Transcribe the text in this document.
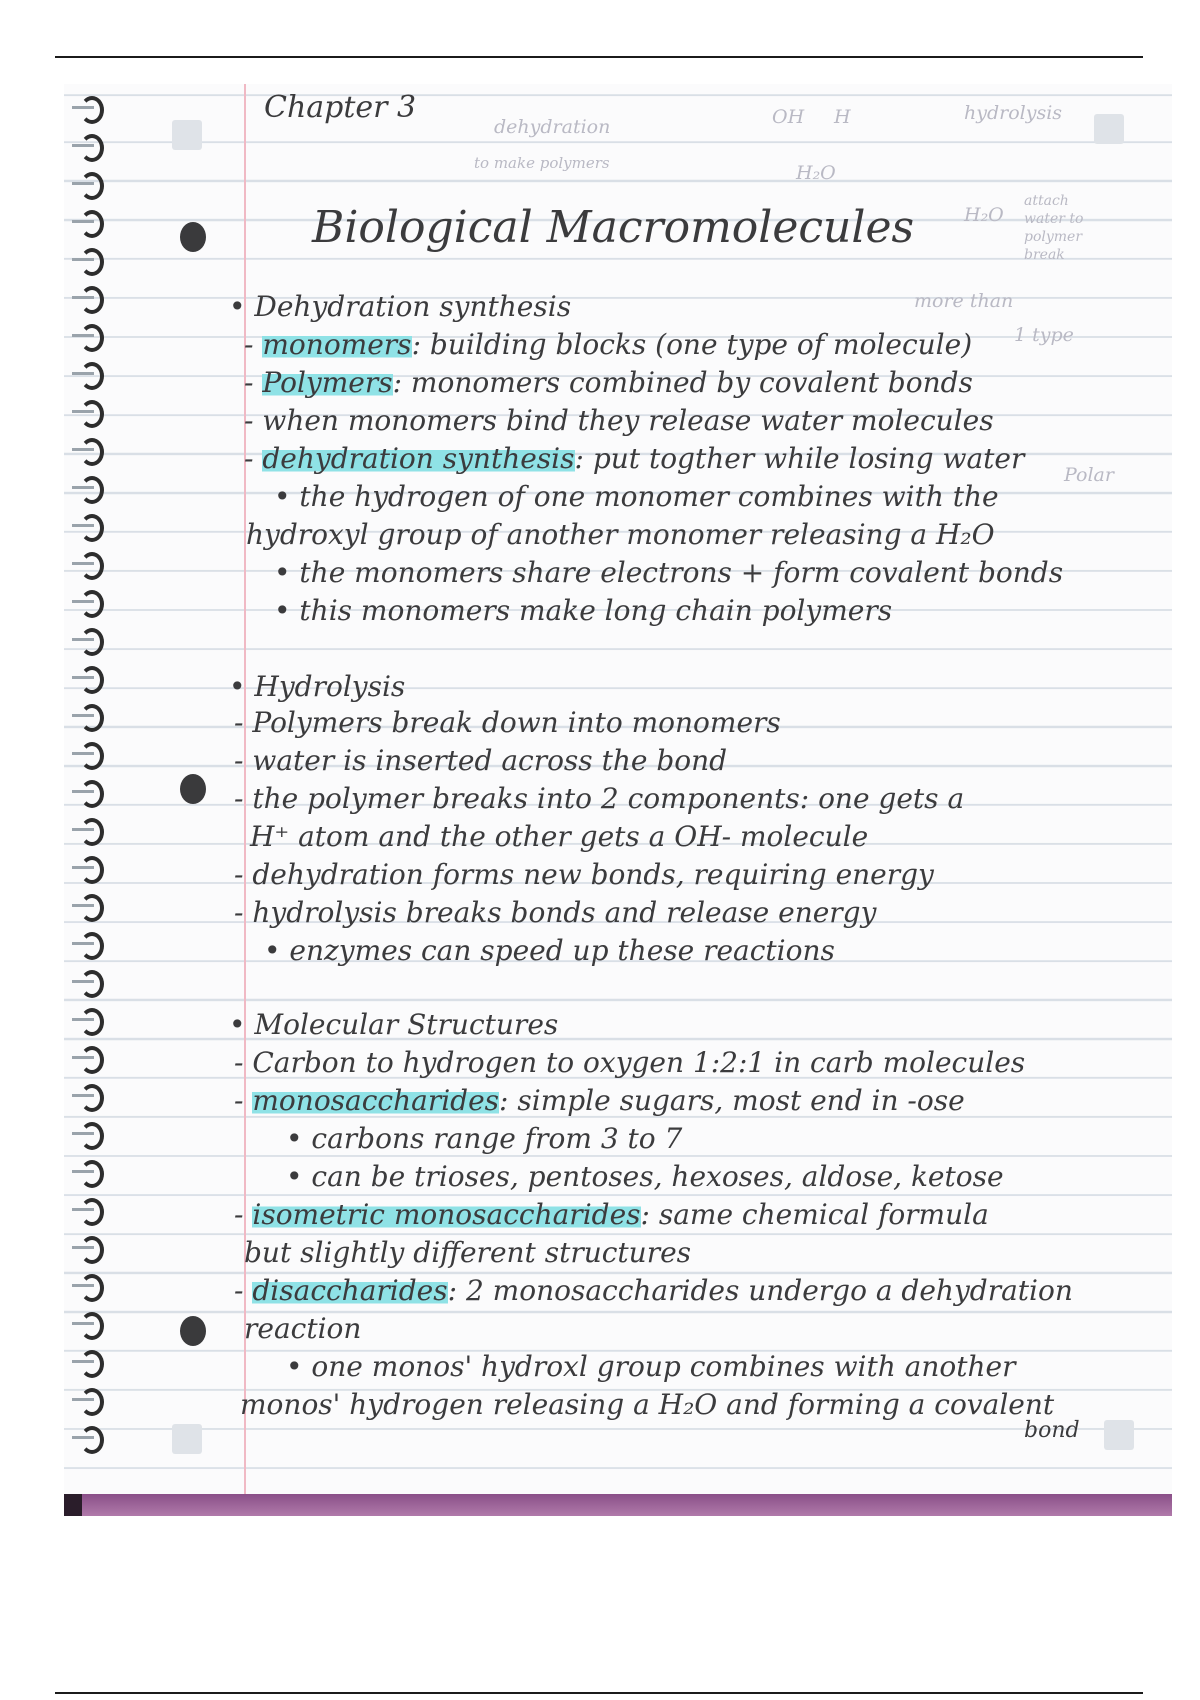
Chapter 3
dehydration
to make polymers
OH H
H₂O
hydrolysis
H₂O
attach water to polymer break
Biological Macromolecules
• Dehydration synthesis	more than
1 type
Polar
- monomers: building blocks (one type of molecule)
- Polymers: monomers combined by covalent bonds
- when monomers bind they release water molecules
- dehydration synthesis: put togther while losing water
• the hydrogen of one monomer combines with the
hydroxyl group of another monomer releasing a H₂O
• the monomers share electrons + form covalent bonds
• this monomers make long chain polymers
• Hydrolysis
- Polymers break down into monomers
- water is inserted across the bond
- the polymer breaks into 2 components: one gets a
H⁺ atom and the other gets a OH- molecule
- dehydration forms new bonds, requiring energy
- hydrolysis breaks bonds and release energy
• enzymes can speed up these reactions
• Molecular Structures
- Carbon to hydrogen to oxygen 1:2:1 in carb molecules
- monosaccharides: simple sugars, most end in -ose
• carbons range from 3 to 7
• can be trioses, pentoses, hexoses, aldose, ketose
- isometric monosaccharides: same chemical formula
but slightly different structures
- disaccharides: 2 monosaccharides undergo a dehydration
reaction
• one monos' hydroxl group combines with another
monos' hydrogen releasing a H₂O and forming a covalent
bond
